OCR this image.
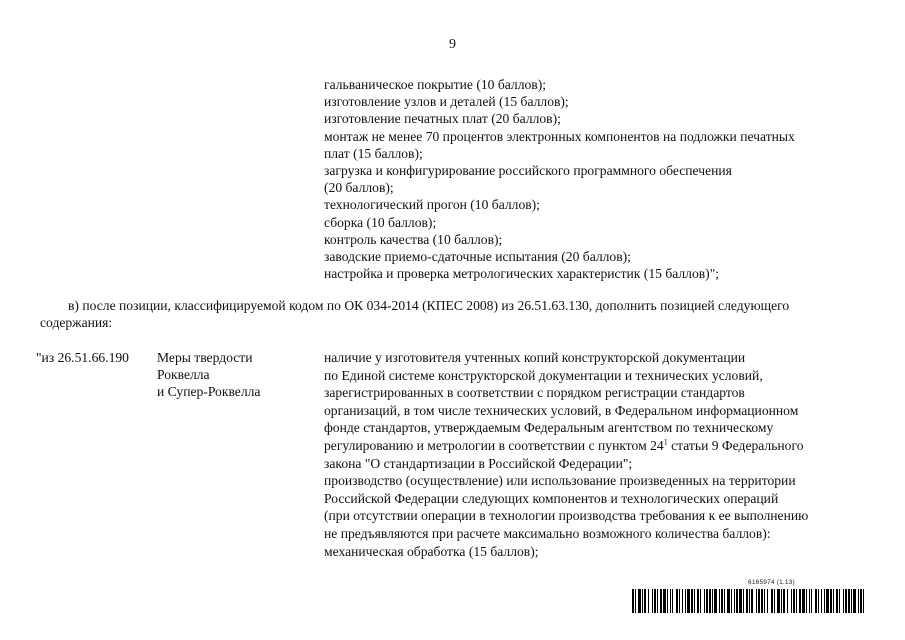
9
гальваническое покрытие (10 баллов);
изготовление узлов и деталей (15 баллов);
изготовление печатных плат (20 баллов);
монтаж не менее 70 процентов электронных компонентов на подложки печатных
плат (15 баллов);
загрузка и конфигурирование российского программного обеспечения
(20 баллов);
технологический прогон (10 баллов);
сборка (10 баллов);
контроль качества (10 баллов);
заводские приемо-сдаточные испытания (20 баллов);
настройка и проверка метрологических характеристик (15 баллов)";
в) после позиции, классифицируемой кодом по ОК 034-2014 (КПЕС 2008) из 26.51.63.130, дополнить позицией следующего
содержания:
"из 26.51.66.190 Меры твердости
Роквелла
и Супер-Роквелла
наличие у изготовителя учтенных копий конструкторской документации
по Единой системе конструкторской документации и технических условий,
зарегистрированных в соответствии с порядком регистрации стандартов
организаций, в том числе технических условий, в Федеральном информационном
фонде стандартов, утверждаемым Федеральным агентством по техническому
регулированию и метрологии в соответствии с пунктом $24^1$ статьи 9 Федерального
закона "О стандартизации в Российской Федерации";
производство (осуществление) или использование произведенных на территории
Российской Федерации следующих компонентов и технологических операций
(при отсутствии операции в технологии производства требования к ее выполнению
не предъявляются при расчете максимально возможного количества баллов):
механическая обработка (15 баллов);
6165974 (1.13)
